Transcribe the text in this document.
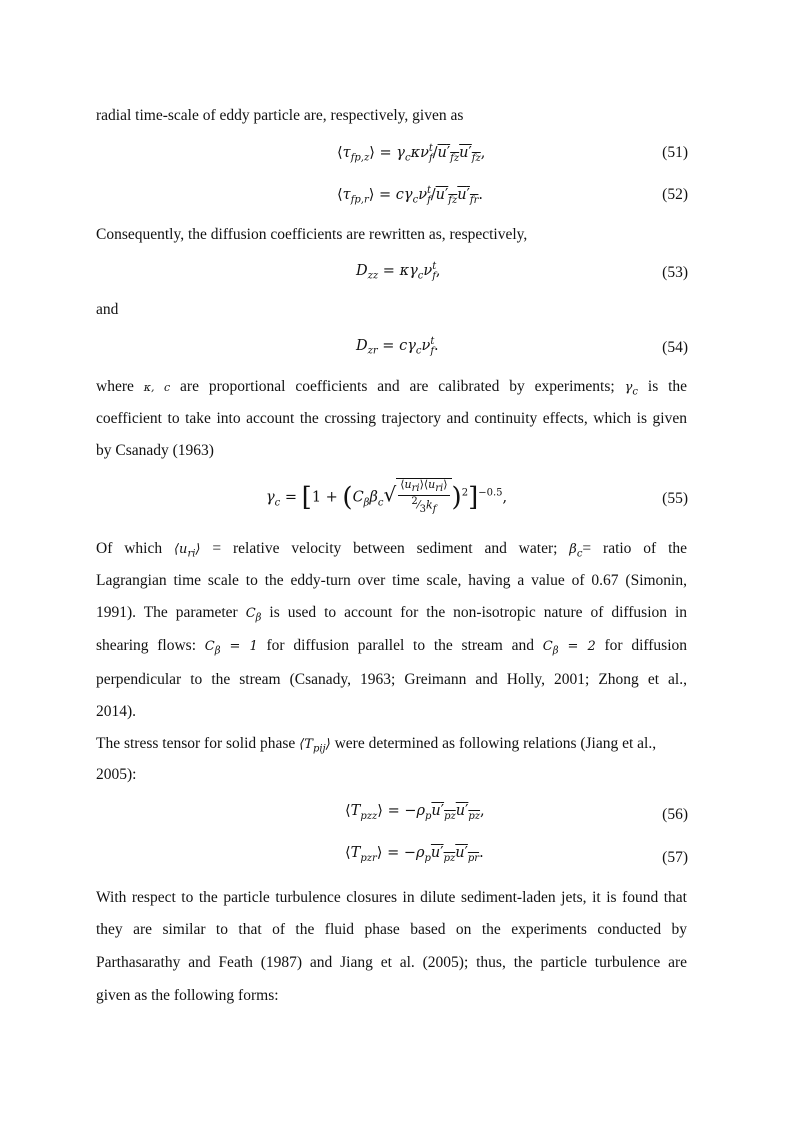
radial time-scale of eddy particle are, respectively, given as

$⟨\tau_{fp,z}⟩ = \gamma_c\kappa\nu^t_f/u'_{fz}u'_{fz}$,	(51)
$⟨\tau_{fp,r}⟩ = c\gamma_c\nu^t_f/u'_{fz}u'_{fr}$.	(52)

Consequently, the diffusion coefficients are rewritten as, respectively,

$D_{zz} = \kappa\gamma_c\nu^t_f$,	(53)

and

$D_{zr} = c\gamma_c\nu^t_f$.	(54)

where κ, c are proportional coefficients and are calibrated by experiments; $\gamma_c$ is the

coefficient to take into account the crossing trajectory and continuity effects, which is given

by Csanady (1963)

$\gamma_c = [1 + (C_\beta\beta_c√ \frac{⟨u_{ri}⟩⟨u_{ri}⟩}{^2⁄_3k_f} )^2]^{-0.5}$,	(55)

Of which $⟨u_{ri}⟩$ = relative velocity between sediment and water; $\beta_c=$ ratio of the

Lagrangian time scale to the eddy-turn over time scale, having a value of 0.67 (Simonin,

1991). The parameter $C_\beta$ is used to account for the non-isotropic nature of diffusion in

shearing flows: $C_\beta = 1$ for diffusion parallel to the stream and $C_\beta = 2$ for diffusion

perpendicular to the stream (Csanady, 1963; Greimann and Holly, 2001; Zhong et al.,

2014).

The stress tensor for solid phase $⟨T_{pij}⟩$ were determined as following relations (Jiang et al.,

2005):

$⟨T_{pzz}⟩ = -\rho_pu'_{pz}u'_{pz}$,	(56)
$⟨T_{pzr}⟩ = -\rho_pu'_{pz}u'_{pr}$.	(57)

With respect to the particle turbulence closures in dilute sediment-laden jets, it is found that

they are similar to that of the fluid phase based on the experiments conducted by

Parthasarathy and Feath (1987) and Jiang et al. (2005); thus, the particle turbulence are

given as the following forms:
